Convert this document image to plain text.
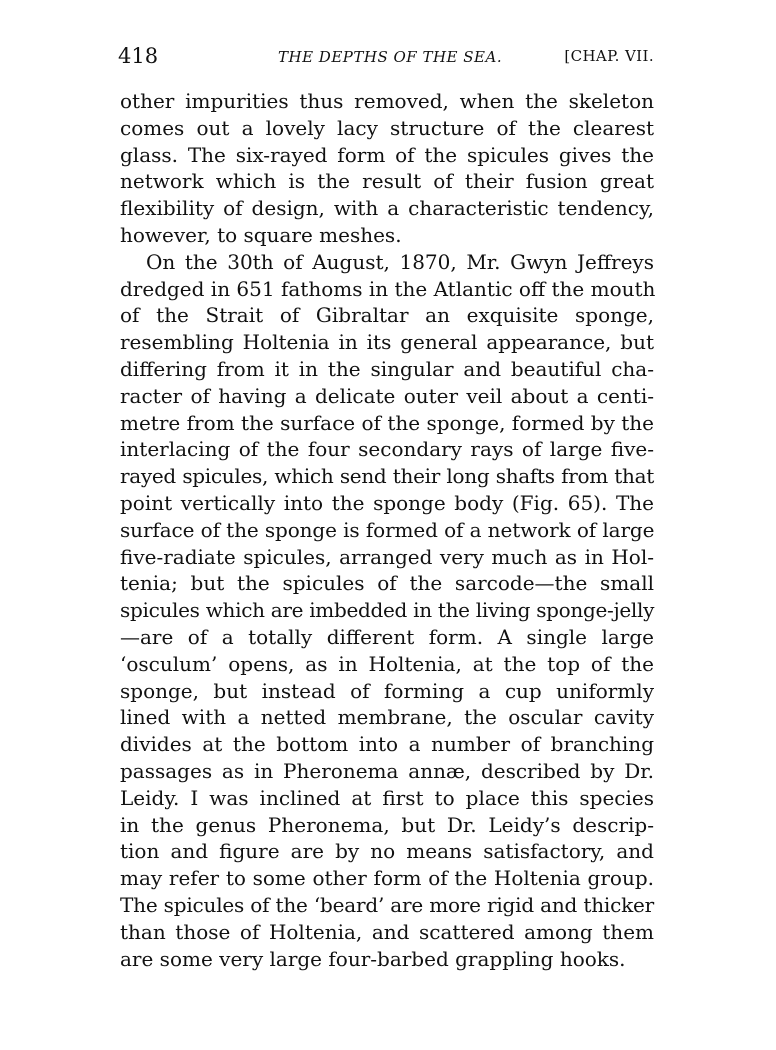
418	THE DEPTHS OF THE SEA.	[CHAP. VII.
other impurities thus removed, when the skeleton
comes out a lovely lacy structure of the clearest
glass. The six-rayed form of the spicules gives the
network which is the result of their fusion great
flexibility of design, with a characteristic tendency,
however, to square meshes.
On the 30th of August, 1870, Mr. Gwyn Jeffreys
dredged in 651 fathoms in the Atlantic off the mouth
of the Strait of Gibraltar an exquisite sponge,
resembling Holtenia in its general appearance, but
differing from it in the singular and beautiful cha-
racter of having a delicate outer veil about a centi-
metre from the surface of the sponge, formed by the
interlacing of the four secondary rays of large five-
rayed spicules, which send their long shafts from that
point vertically into the sponge body (Fig. 65). The
surface of the sponge is formed of a network of large
five-radiate spicules, arranged very much as in Hol-
tenia; but the spicules of the sarcode—the small
spicules which are imbedded in the living sponge-jelly
—are of a totally different form. A single large
‘osculum’ opens, as in Holtenia, at the top of the
sponge, but instead of forming a cup uniformly
lined with a netted membrane, the oscular cavity
divides at the bottom into a number of branching
passages as in Pheronema annæ, described by Dr.
Leidy. I was inclined at first to place this species
in the genus Pheronema, but Dr. Leidy’s descrip-
tion and figure are by no means satisfactory, and
may refer to some other form of the Holtenia group.
The spicules of the ‘beard’ are more rigid and thicker
than those of Holtenia, and scattered among them
are some very large four-barbed grappling hooks.
